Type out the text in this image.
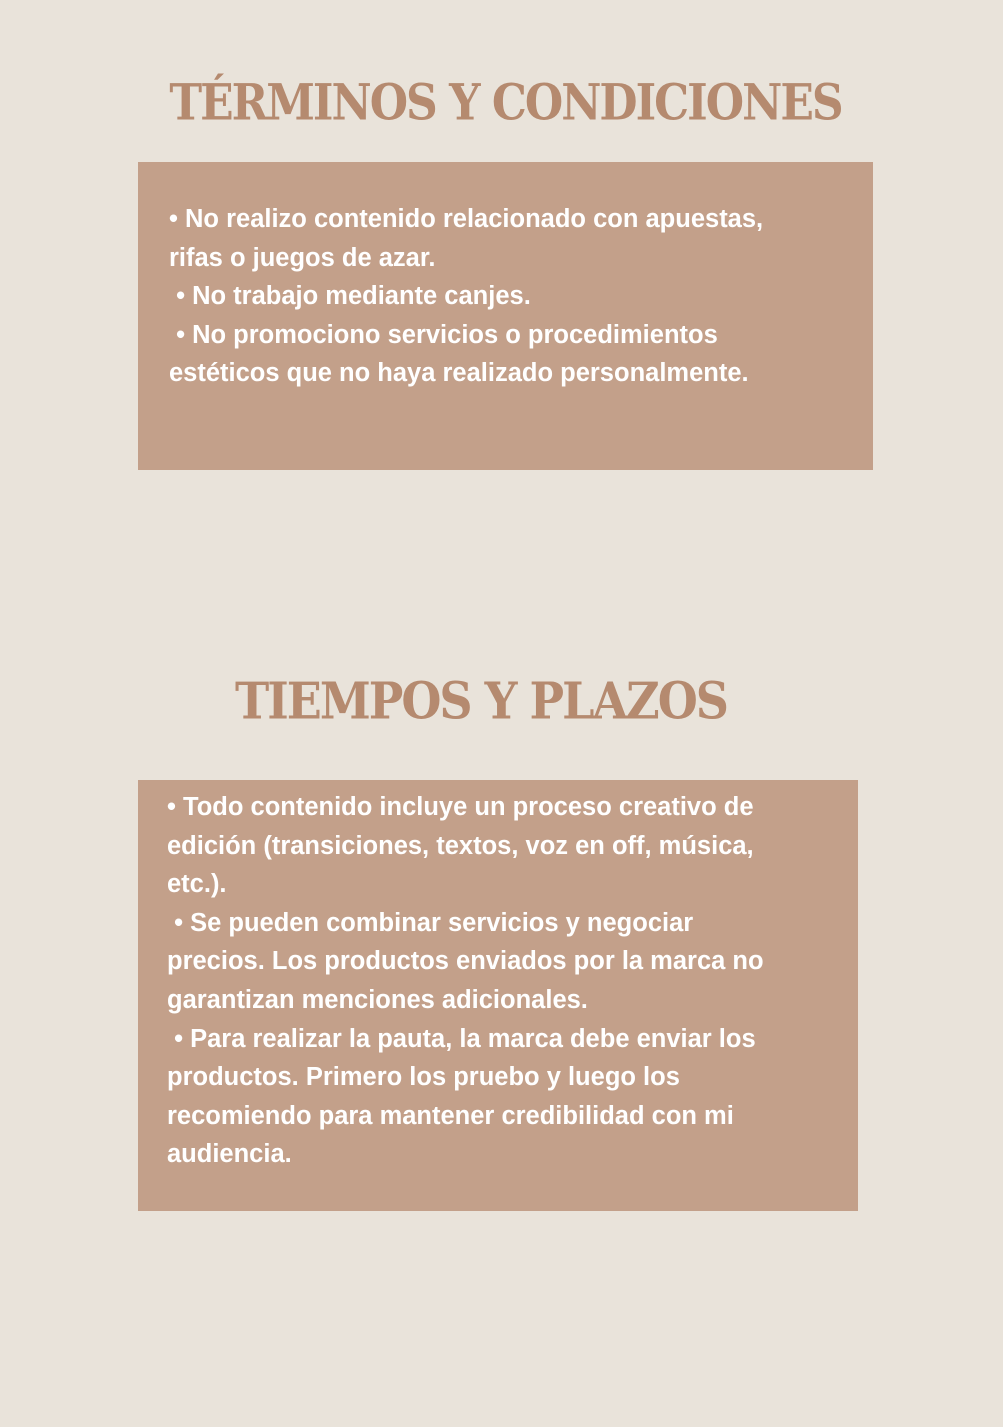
TÉRMINOS Y CONDICIONES

• No realizo contenido relacionado con apuestas,

rifas o juegos de azar.

• No trabajo mediante canjes.

• No promociono servicios o procedimientos

estéticos que no haya realizado personalmente.

TIEMPOS Y PLAZOS

• Todo contenido incluye un proceso creativo de

edición (transiciones, textos, voz en off, música,

etc.).

• Se pueden combinar servicios y negociar

precios. Los productos enviados por la marca no

garantizan menciones adicionales.

• Para realizar la pauta, la marca debe enviar los

productos. Primero los pruebo y luego los

recomiendo para mantener credibilidad con mi

audiencia.
